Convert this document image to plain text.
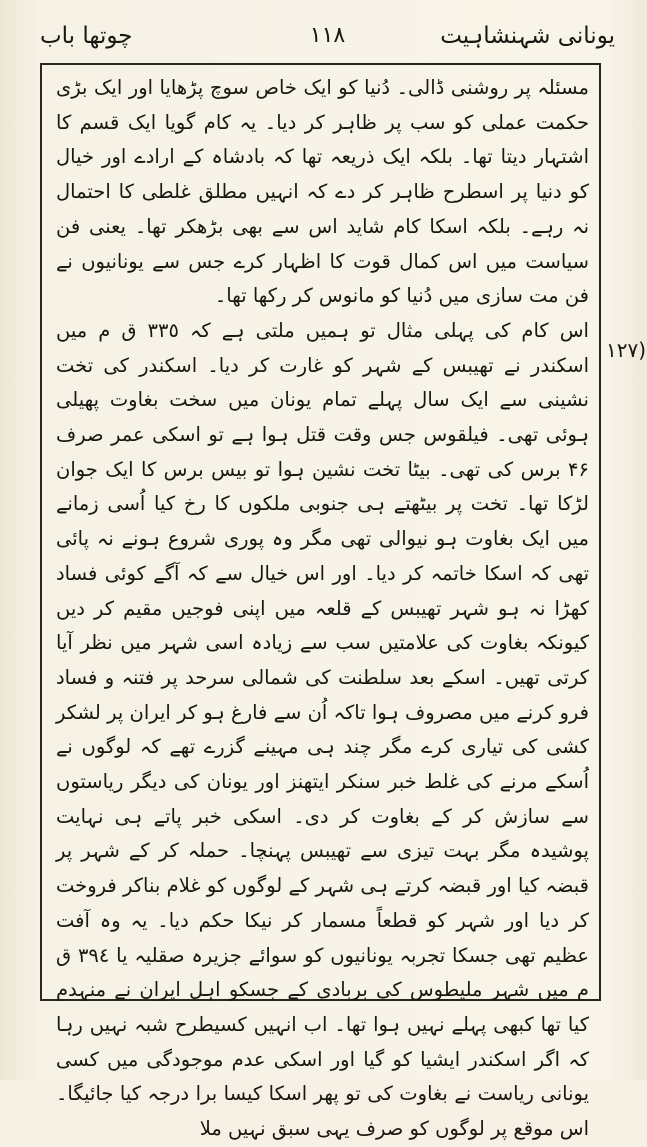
یونانی شہنشاہیت
١١٨
چوتھا باب

مسئلہ پر روشنی ڈالی۔ دُنیا کو ایک خاص سوچ پڑھایا اور ایک بڑی حکمت عملی کو سب پر ظاہر کر دیا۔ یہ کام گویا ایک قسم کا اشتہار دیتا تھا۔ بلکہ ایک ذریعہ تھا کہ بادشاہ کے ارادے اور خیال کو دنیا پر اسطرح ظاہر کر دے کہ انہیں مطلق غلطی کا احتمال نہ رہے۔ بلکہ اسکا کام شاید اس سے بھی بڑھکر تھا۔ یعنی فن سیاست میں اس کمال قوت کا اظہار کرے جس سے یونانیوں نے فن مت سازی میں دُنیا کو مانوس کر رکھا تھا۔

اس کام کی پہلی مثال تو ہمیں ملتی ہے کہ ٣٣٥ ق م میں اسکندر نے تھیبس کے شہر کو غارت کر دیا۔ اسکندر کی تخت نشینی سے ایک سال پہلے تمام یونان میں سخت بغاوت پھیلی ہوئی تھی۔ فیلقوس جس وقت قتل ہوا ہے تو اسکی عمر صرف ۴۶ برس کی تھی۔ بیٹا تخت نشین ہوا تو بیس برس کا ایک جوان لڑکا تھا۔ تخت پر بیٹھتے ہی جنوبی ملکوں کا رخ کیا اُسی زمانے میں ایک بغاوت ہو نیوالی تھی مگر وہ پوری شروع ہونے نہ پائی تھی کہ اسکا خاتمہ کر دیا۔ اور اس خیال سے کہ آگے کوئی فساد کھڑا نہ ہو شہر تھیبس کے قلعہ میں اپنی فوجیں مقیم کر دیں کیونکہ بغاوت کی علامتیں سب سے زیادہ اسی شہر میں نظر آیا کرتی تھیں۔ اسکے بعد سلطنت کی شمالی سرحد پر فتنہ و فساد فرو کرنے میں مصروف ہوا تاکہ اُن سے فارغ ہو کر ایران پر لشکر کشی کی تیاری کرے مگر چند ہی مہینے گزرے تھے کہ لوگوں نے اُسکے مرنے کی غلط خبر سنکر ایتھنز اور یونان کی دیگر ریاستوں سے سازش کر کے بغاوت کر دی۔ اسکی خبر پاتے ہی نہایت پوشیدہ مگر بہت تیزی سے تھیبس پہنچا۔ حملہ کر کے شہر پر قبضہ کیا اور قبضہ کرتے ہی شہر کے لوگوں کو غلام بناکر فروخت کر دیا اور شہر کو قطعاً مسمار کر نیکا حکم دیا۔ یہ وہ آفت عظیم تھی جسکا تجربہ یونانیوں کو سوائے جزیرہ صقلیہ یا ٣٩٤ ق م میں شہر ملیطوس کی بربادی کے جسکو اہل ایران نے منہدم کیا تھا کبھی پہلے نہیں ہوا تھا۔ اب انہیں کسیطرح شبہ نہیں رہا کہ اگر اسکندر ایشیا کو گیا اور اسکی عدم موجودگی میں کسی یونانی ریاست نے بغاوت کی تو پھر اسکا کیسا برا درجہ کیا جائیگا۔ اس موقع پر لوگوں کو صرف یہی سبق نہیں ملا

(١٢٧
